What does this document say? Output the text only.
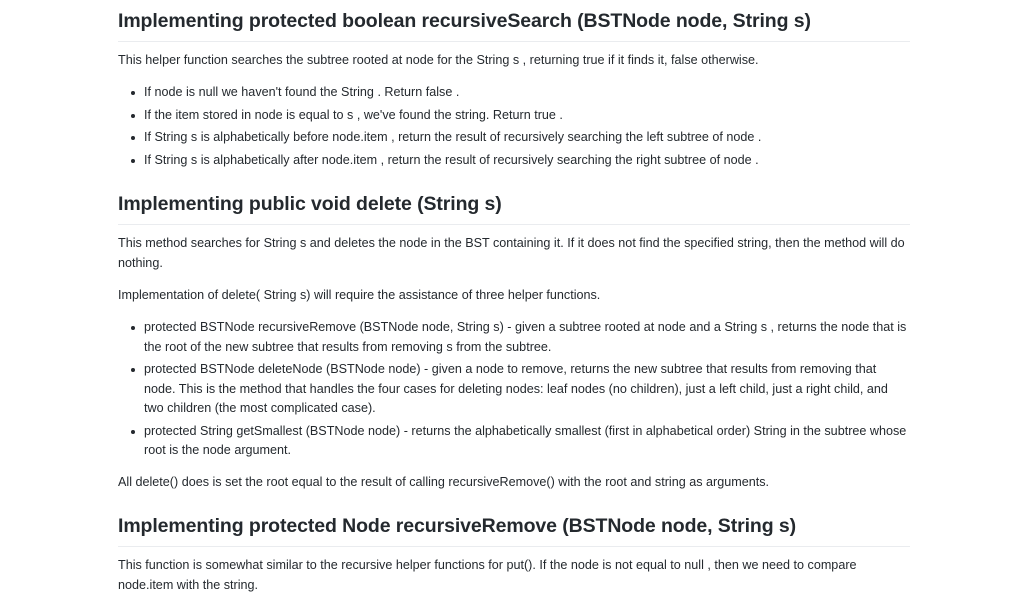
Implementing protected boolean recursiveSearch (BSTNode node, String s)

This helper function searches the subtree rooted at node for the String s , returning true if it finds it, false otherwise.

If node is null we haven't found the String . Return false .
If the item stored in node is equal to s , we've found the string. Return true .
If String s is alphabetically before node.item , return the result of recursively searching the left subtree of node .
If String s is alphabetically after node.item , return the result of recursively searching the right subtree of node .
Implementing public void delete (String s)

This method searches for String s and deletes the node in the BST containing it. If it does not find the specified string, then the method will do nothing.

Implementation of delete( String s) will require the assistance of three helper functions.

protected BSTNode recursiveRemove (BSTNode node, String s) - given a subtree rooted at node and a String s , returns the node that is the root of the new subtree that results from removing s from the subtree.
protected BSTNode deleteNode (BSTNode node) - given a node to remove, returns the new subtree that results from removing that node. This is the method that handles the four cases for deleting nodes: leaf nodes (no children), just a left child, just a right child, and two children (the most complicated case).
protected String getSmallest (BSTNode node) - returns the alphabetically smallest (first in alphabetical order) String in the subtree whose root is the node argument.

All delete() does is set the root equal to the result of calling recursiveRemove() with the root and string as arguments.

Implementing protected Node recursiveRemove (BSTNode node, String s)

This function is somewhat similar to the recursive helper functions for put(). If the node is not equal to null , then we need to compare node.item with the string.
